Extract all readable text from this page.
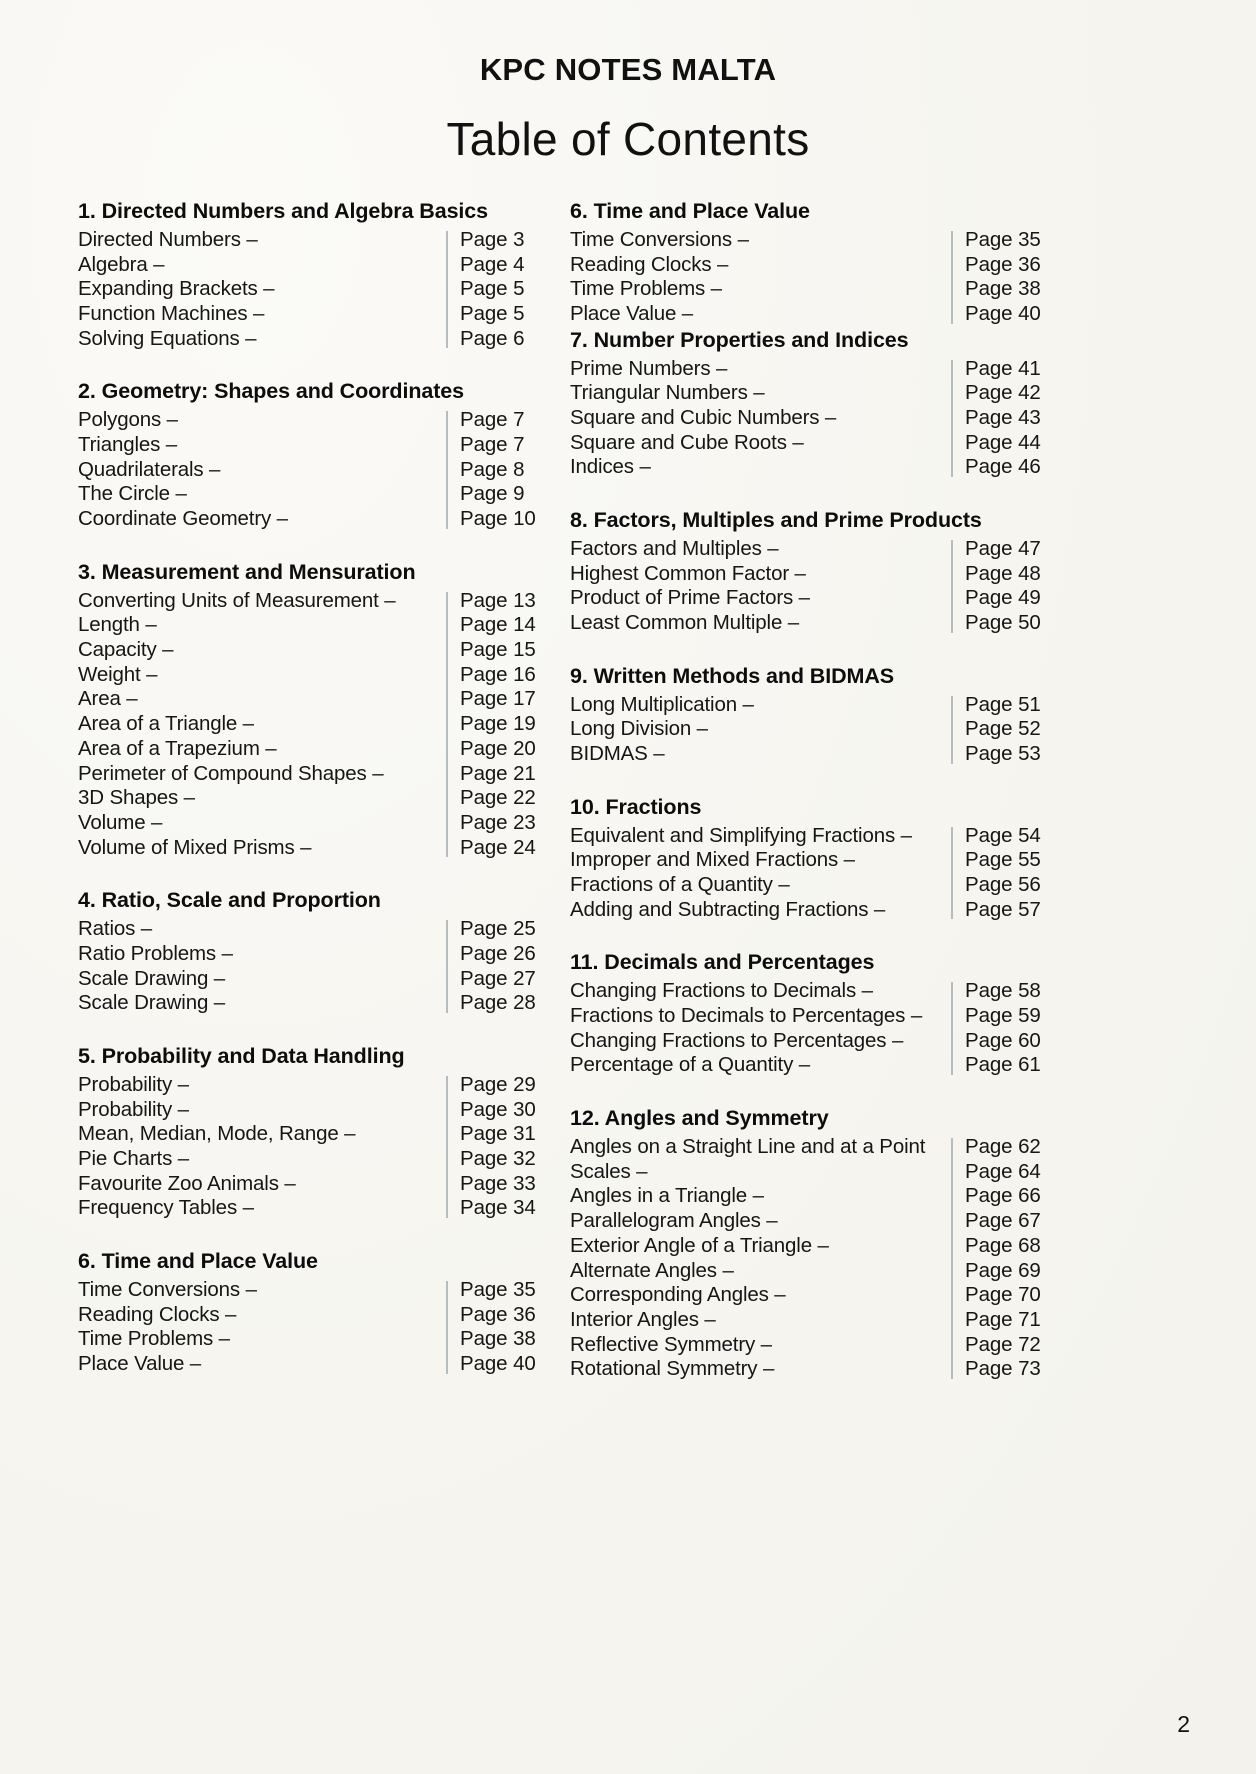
KPC NOTES MALTA
Table of Contents
1. Directed Numbers and Algebra Basics
Directed Numbers –	Page 3
Algebra –	Page 4
Expanding Brackets –	Page 5
Function Machines –	Page 5
Solving Equations –	Page 6
2. Geometry: Shapes and Coordinates
Polygons –	Page 7
Triangles –	Page 7
Quadrilaterals –	Page 8
The Circle –	Page 9
Coordinate Geometry –	Page 10
3. Measurement and Mensuration
Converting Units of Measurement –	Page 13
Length –	Page 14
Capacity –	Page 15
Weight –	Page 16
Area –	Page 17
Area of a Triangle –	Page 19
Area of a Trapezium –	Page 20
Perimeter of Compound Shapes –	Page 21
3D Shapes –	Page 22
Volume –	Page 23
Volume of Mixed Prisms –	Page 24
4. Ratio, Scale and Proportion
Ratios –	Page 25
Ratio Problems –	Page 26
Scale Drawing –	Page 27
Scale Drawing –	Page 28
5. Probability and Data Handling
Probability –	Page 29
Probability –	Page 30
Mean, Median, Mode, Range –	Page 31
Pie Charts –	Page 32
Favourite Zoo Animals –	Page 33
Frequency Tables –	Page 34
6. Time and Place Value
Time Conversions –	Page 35
Reading Clocks –	Page 36
Time Problems –	Page 38
Place Value –	Page 40
6. Time and Place Value
Time Conversions –	Page 35
Reading Clocks –	Page 36
Time Problems –	Page 38
Place Value –	Page 40
7. Number Properties and Indices
Prime Numbers –	Page 41
Triangular Numbers –	Page 42
Square and Cubic Numbers –	Page 43
Square and Cube Roots –	Page 44
Indices –	Page 46
8. Factors, Multiples and Prime Products
Factors and Multiples –	Page 47
Highest Common Factor –	Page 48
Product of Prime Factors –	Page 49
Least Common Multiple –	Page 50
9. Written Methods and BIDMAS
Long Multiplication –	Page 51
Long Division –	Page 52
BIDMAS –	Page 53
10. Fractions
Equivalent and Simplifying Fractions –	Page 54
Improper and Mixed Fractions –	Page 55
Fractions of a Quantity –	Page 56
Adding and Subtracting Fractions –	Page 57
11. Decimals and Percentages
Changing Fractions to Decimals –	Page 58
Fractions to Decimals to Percentages –	Page 59
Changing Fractions to Percentages –	Page 60
Percentage of a Quantity –	Page 61
12. Angles and Symmetry
Angles on a Straight Line and at a Point	Page 62
Scales –	Page 64
Angles in a Triangle –	Page 66
Parallelogram Angles –	Page 67
Exterior Angle of a Triangle –	Page 68
Alternate Angles –	Page 69
Corresponding Angles –	Page 70
Interior Angles –	Page 71
Reflective Symmetry –	Page 72
Rotational Symmetry –	Page 73
2
